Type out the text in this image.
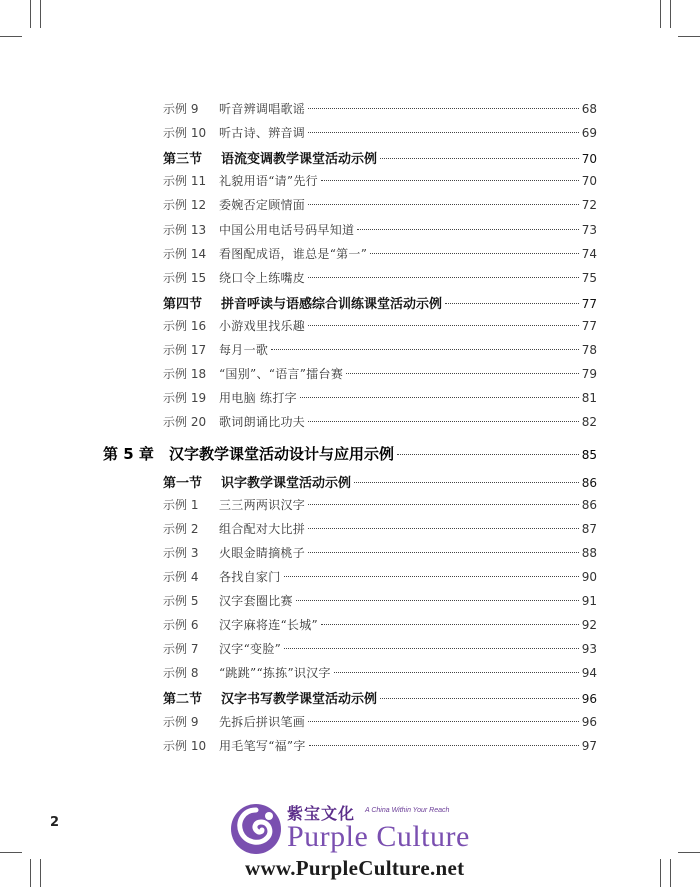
示例 9	听音辨调唱歌谣	68
示例 10	听古诗、辨音调	69
第三节	语流变调教学课堂活动示例	70
示例 11	礼貌用语“请”先行	70
示例 12	委婉否定顾情面	72
示例 13	中国公用电话号码早知道	73
示例 14	看图配成语，谁总是“第一”	74
示例 15	绕口令上练嘴皮	75
第四节	拼音呼读与语感综合训练课堂活动示例	77
示例 16	小游戏里找乐趣	77
示例 17	每月一歌	78
示例 18	“国别”、“语言”擂台赛	79
示例 19	用电脑 练打字	81
示例 20	歌词朗诵比功夫	82
第 5 章	汉字教学课堂活动设计与应用示例	85
第一节	识字教学课堂活动示例	86
示例 1	三三两两识汉字	86
示例 2	组合配对大比拼	87
示例 3	火眼金睛摘桃子	88
示例 4	各找自家门	90
示例 5	汉字套圈比赛	91
示例 6	汉字麻将连“长城”	92
示例 7	汉字“变脸”	93
示例 8	“跳跳”“拣拣”识汉字	94
第二节	汉字书写教学课堂活动示例	96
示例 9	先拆后拼识笔画	96
示例 10	用毛笔写“福”字	97
2	紫宝文化 A China Within Your Reach
Purple Culture
www.PurpleCulture.net
